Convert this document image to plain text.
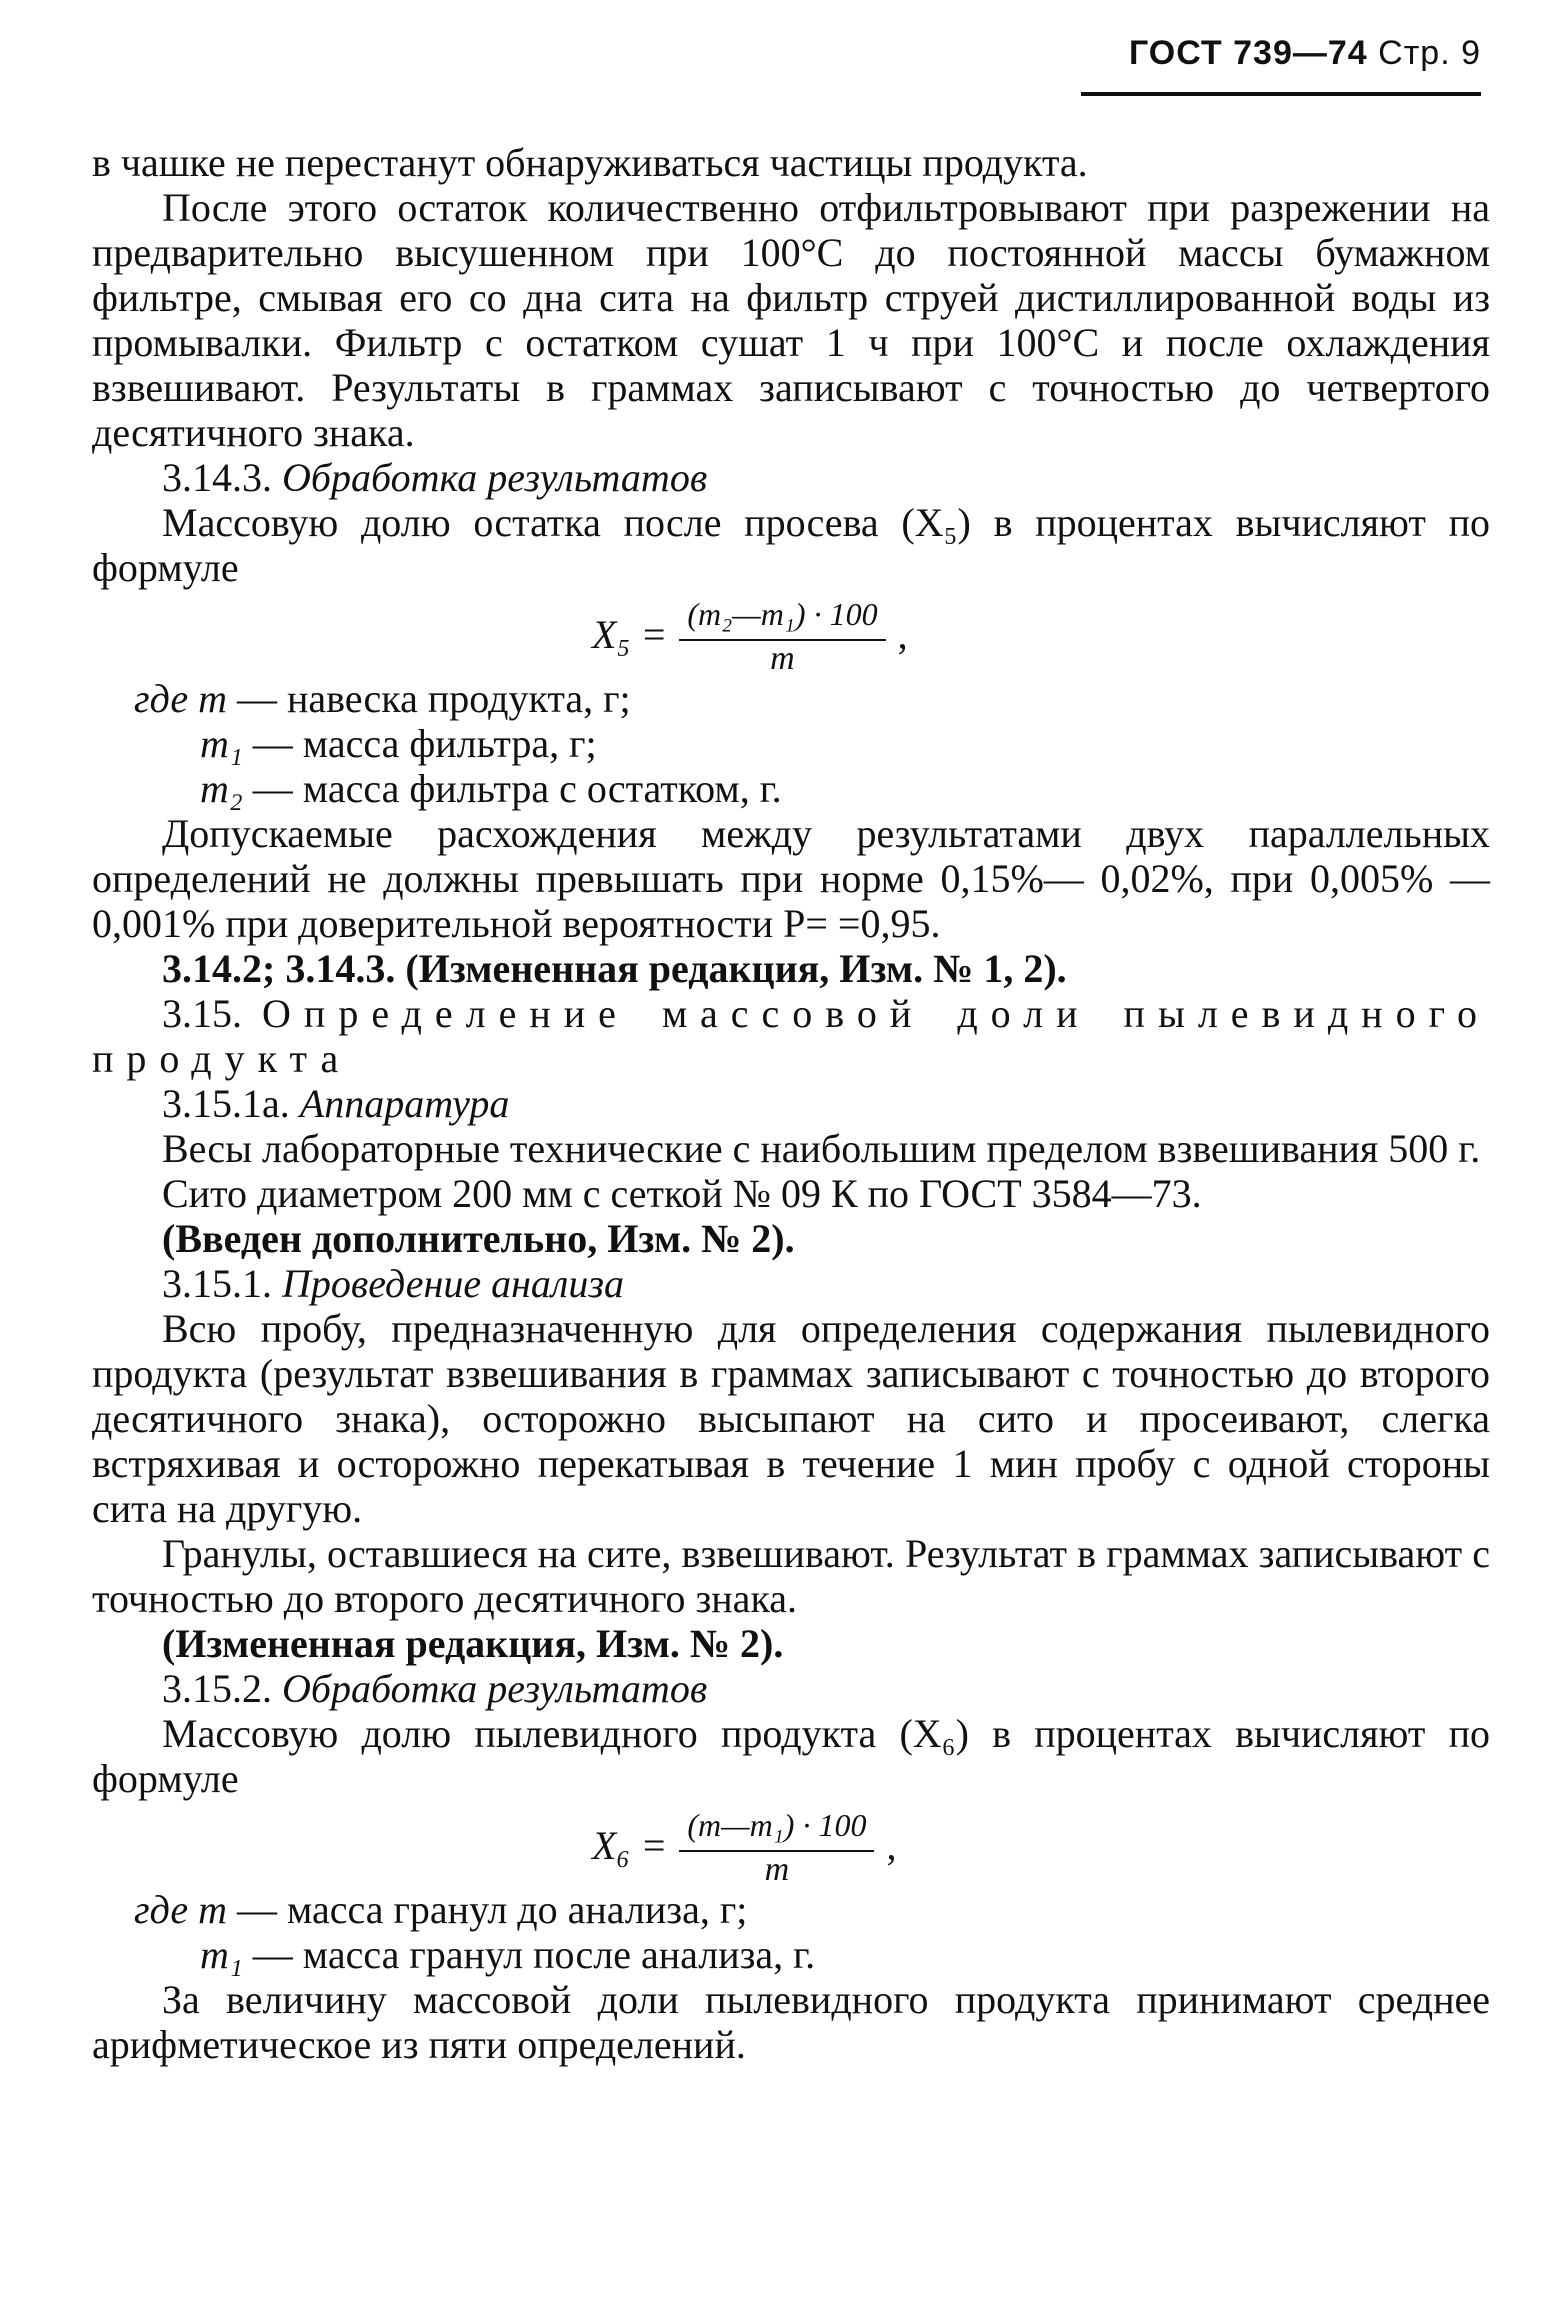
ГОСТ 739—74 Стр. 9

в чашке не перестанут обнаруживаться частицы продукта.

После этого остаток количественно отфильтровывают при разрежении на предварительно высушенном при 100°С до постоянной массы бумажном фильтре, смывая его со дна сита на фильтр струей дистиллированной воды из промывалки. Фильтр с остатком сушат 1 ч при 100°С и после охлаждения взвешивают. Результаты в граммах записывают с точностью до четвертого десятичного знака.

3.14.3. Обработка результатов

Массовую долю остатка после просева (X₅) в процентах вычисляют по формуле

$X_5 = \frac{\text{(m₂—m₁) · 100}}{m}$ ,

где m — навеска продукта, г;

m₁ — масса фильтра, г;

m₂ — масса фильтра с остатком, г.

Допускаемые расхождения между результатами двух параллельных определений не должны превышать при норме 0,15%— 0,02%, при 0,005% — 0,001% при доверительной вероятности P= =0,95.

3.14.2; 3.14.3. (Измененная редакция, Изм. № 1, 2).

3.15. Определение массовой доли пылевидного продукта

3.15.1а. Аппаратура

Весы лабораторные технические с наибольшим пределом взвешивания 500 г.

Сито диаметром 200 мм с сеткой № 09 К по ГОСТ 3584—73.

(Введен дополнительно, Изм. № 2).

3.15.1. Проведение анализа

Всю пробу, предназначенную для определения содержания пылевидного продукта (результат взвешивания в граммах записывают с точностью до второго десятичного знака), осторожно высыпают на сито и просеивают, слегка встряхивая и осторожно перекатывая в течение 1 мин пробу с одной стороны сита на другую.

Гранулы, оставшиеся на сите, взвешивают. Результат в граммах записывают с точностью до второго десятичного знака.

(Измененная редакция, Изм. № 2).

3.15.2. Обработка результатов

Массовую долю пылевидного продукта (X₆) в процентах вычисляют по формуле

$X_6 = \frac{\text{(m—m₁) · 100}}{m}$ ,

где m — масса гранул до анализа, г;

m₁ — масса гранул после анализа, г.

За величину массовой доли пылевидного продукта принимают среднее арифметическое из пяти определений.
